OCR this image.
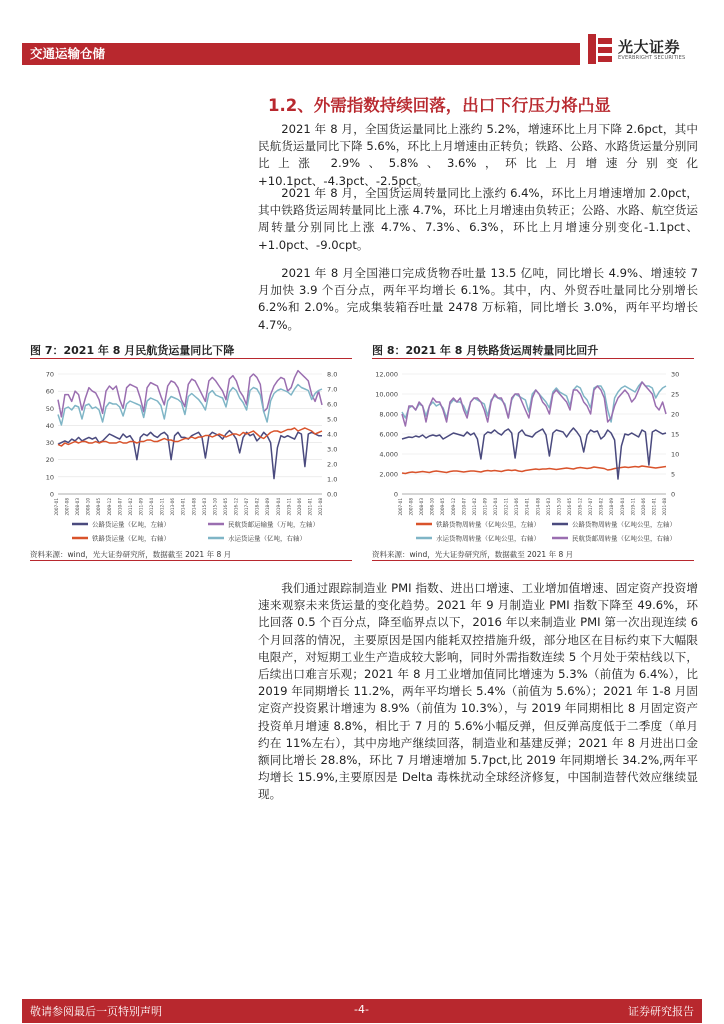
交通运输仓储	光大证券
EVERBRIGHT SECURITIES
1.2、外需指数持续回落，出口下行压力将凸显

2021 年 8 月，全国货运量同比上涨约 5.2%，增速环比上月下降 2.6pct，其中民航货运量同比下降 5.6%，环比上月增速由正转负；铁路、公路、水路货运量分别同比上涨 2.9%、5.8%、3.6%，环比上月增速分别变化+10.1pct、-4.3pct、-2.5pct。

2021 年 8 月，全国货运周转量同比上涨约 6.4%，环比上月增速增加 2.0pct，其中铁路货运周转量同比上涨 4.7%，环比上月增速由负转正；公路、水路、航空货运周转量分别同比上涨 4.7%、7.3%、6.3%，环比上月增速分别变化-1.1pct、+1.0pct、-9.0cpt。

2021 年 8 月全国港口完成货物吞吐量 13.5 亿吨，同比增长 4.9%、增速较 7 月加快 3.9 个百分点，两年平均增长 6.1%。其中，内、外贸吞吐量同比分别增长 6.2%和 2.0%。完成集装箱吞吐量 2478 万标箱，同比增长 3.0%，两年平均增长 4.7%。

图 7：2021 年 8 月民航货运量同比下降
0
10
20
30
40
50
60
70
0.0
1.0
2.0
3.0
4.0
5.0
6.0
7.0
8.0
2007-01 2007-08 2008-03 2008-10 2009-05 2009-12 2010-07 2011-02 2011-09 2012-04 2012-11 2013-06 2014-01 2014-08 2015-03 2015-10 2016-05 2016-12 2017-07 2018-02 2018-09 2019-04 2019-11 2020-06 2021-01 2021-08
公路货运量（亿吨，左轴）	民航货邮运输量（万吨，左轴）
铁路货运量（亿吨，右轴）	水运货运量（亿吨，右轴）
资料来源：wind，光大证券研究所，数据截至 2021 年 8 月
图 8：2021 年 8 月铁路货运周转量同比回升
0
2,000
4,000
6,000
8,000
10,000
12,000
0
5
10
15
20
25
30
2007-01 2007-08 2008-03 2008-10 2009-05 2009-12 2010-07 2011-02 2011-09 2012-04 2012-11 2013-06 2014-01 2014-08 2015-03 2015-10 2016-05 2016-12 2017-07 2018-02 2018-09 2019-04 2019-11 2020-06 2021-01 2021-08
铁路货物周转量（亿吨公里，左轴）	公路货物周转量（亿吨公里，左轴）
水运货物周转量（亿吨公里，右轴）	民航货邮周转量（亿吨公里，右轴）
资料来源：wind，光大证券研究所，数据截至 2021 年 8 月

我们通过跟踪制造业 PMI 指数、进出口增速、工业增加值增速、固定资产投资增速来观察未来货运量的变化趋势。2021 年 9 月制造业 PMI 指数下降至 49.6%，环比回落 0.5 个百分点，降至临界点以下，2016 年以来制造业 PMI 第一次出现连续 6 个月回落的情况，主要原因是国内能耗双控措施升级，部分地区在目标约束下大幅限电限产，对短期工业生产造成较大影响，同时外需指数连续 5 个月处于荣枯线以下，后续出口难言乐观；2021 年 8 月工业增加值同比增速为 5.3%（前值为 6.4%），比 2019 年同期增长 11.2%，两年平均增长 5.4%（前值为 5.6%）；2021 年 1-8 月固定资产投资累计增速为 8.9%（前值为 10.3%），与 2019 年同期相比 8 月固定资产投资单月增速 8.8%，相比于 7 月的 5.6%小幅反弹，但反弹高度低于二季度（单月约在 11%左右），其中房地产继续回落，制造业和基建反弹；2021 年 8 月进出口金额同比增长 28.8%，环比 7 月增速增加 5.7pct,比 2019 年同期增长 34.2%,两年平均增长 15.9%,主要原因是 Delta 毒株扰动全球经济修复，中国制造替代效应继续显现。

敬请参阅最后一页特别声明	-4-	证券研究报告
